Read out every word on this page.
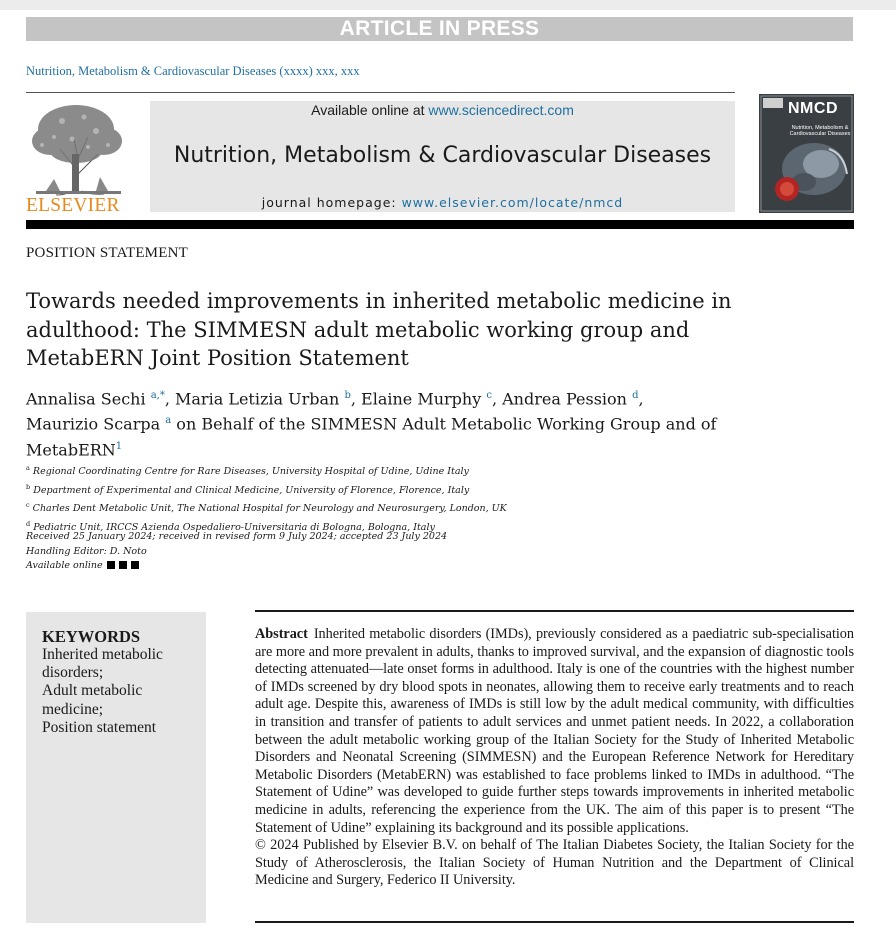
ARTICLE IN PRESS
Nutrition, Metabolism & Cardiovascular Diseases (xxxx) xxx, xxx
ELSEVIER
Available online at www.sciencedirect.com
Nutrition, Metabolism & Cardiovascular Diseases
journal homepage: www.elsevier.com/locate/nmcd
NMCD
Nutrition, Metabolism & Cardiovascular Diseases
POSITION STATEMENT
Towards needed improvements in inherited metabolic medicine in adulthood: The SIMMESN adult metabolic working group and MetabERN Joint Position Statement
Annalisa Sechi $^{a,*}$, Maria Letizia Urban $^b$, Elaine Murphy $^c$, Andrea Pession $^d$,
Maurizio Scarpa $^a$ on Behalf of the SIMMESN Adult Metabolic Working Group and of
MetabERN$^1$
$^a$ Regional Coordinating Centre for Rare Diseases, University Hospital of Udine, Udine Italy
$^b$ Department of Experimental and Clinical Medicine, University of Florence, Florence, Italy
$^c$ Charles Dent Metabolic Unit, The National Hospital for Neurology and Neurosurgery, London, UK
$^d$ Pediatric Unit, IRCCS Azienda Ospedaliero-Universitaria di Bologna, Bologna, Italy
Received 25 January 2024; received in revised form 9 July 2024; accepted 23 July 2024
Handling Editor: D. Noto
Available online
KEYWORDS
Inherited metabolic disorders;
Adult metabolic medicine;
Position statement
Abstract Inherited metabolic disorders (IMDs), previously considered as a paediatric sub-specialisation are more and more prevalent in adults, thanks to improved survival, and the expansion of diagnostic tools detecting attenuated—late onset forms in adulthood. Italy is one of the countries with the highest number of IMDs screened by dry blood spots in neonates, allowing them to receive early treatments and to reach adult age. Despite this, awareness of IMDs is still low by the adult medical community, with difficulties in transition and transfer of patients to adult services and unmet patient needs. In 2022, a collaboration between the adult metabolic working group of the Italian Society for the Study of Inherited Metabolic Disorders and Neonatal Screening (SIMMESN) and the European Reference Network for Hereditary Metabolic Disorders (MetabERN) was established to face problems linked to IMDs in adulthood. “The Statement of Udine” was developed to guide further steps towards improvements in inherited metabolic medicine in adults, referencing the experience from the UK. The aim of this paper is to present “The Statement of Udine” explaining its background and its possible applications.
© 2024 Published by Elsevier B.V. on behalf of The Italian Diabetes Society, the Italian Society for the Study of Atherosclerosis, the Italian Society of Human Nutrition and the Department of Clinical Medicine and Surgery, Federico II University.
